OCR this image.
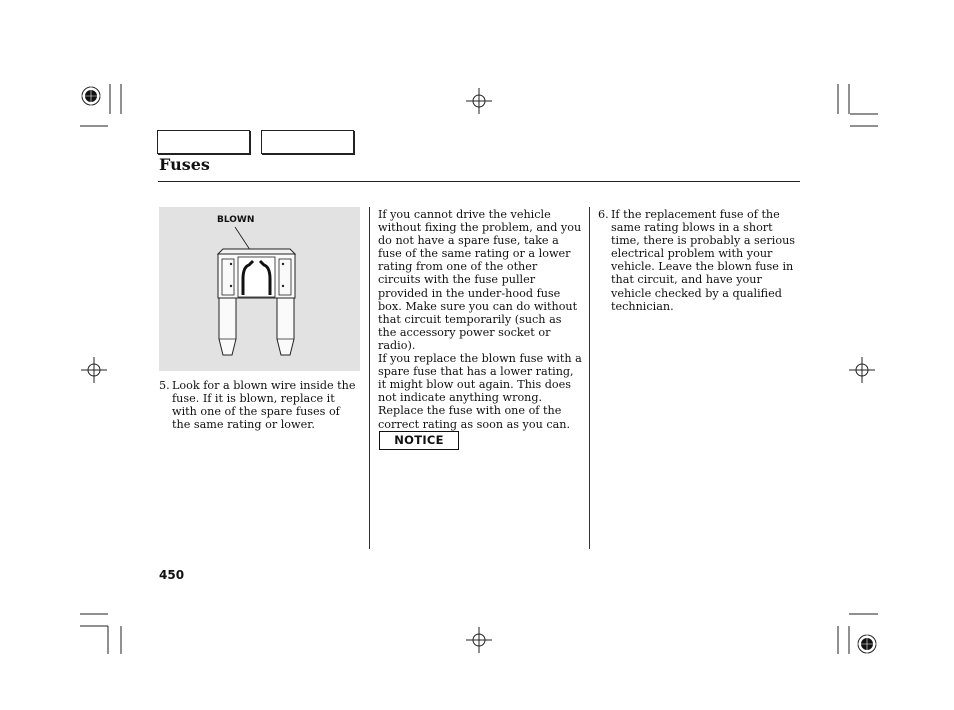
Fuses
BLOWN
5. Look for a blown wire inside the fuse. If it is blown, replace it with one of the spare fuses of the same rating or lower.

If you cannot drive the vehicle without fixing the problem, and you do not have a spare fuse, take a fuse of the same rating or a lower rating from one of the other circuits with the fuse puller provided in the under-hood fuse box. Make sure you can do without that circuit temporarily (such as the accessory power socket or radio).

If you replace the blown fuse with a spare fuse that has a lower rating, it might blow out again. This does not indicate anything wrong. Replace the fuse with one of the correct rating as soon as you can.

NOTICE
6. If the replacement fuse of the same rating blows in a short time, there is probably a serious electrical problem with your vehicle. Leave the blown fuse in that circuit, and have your vehicle checked by a qualified technician.
450
